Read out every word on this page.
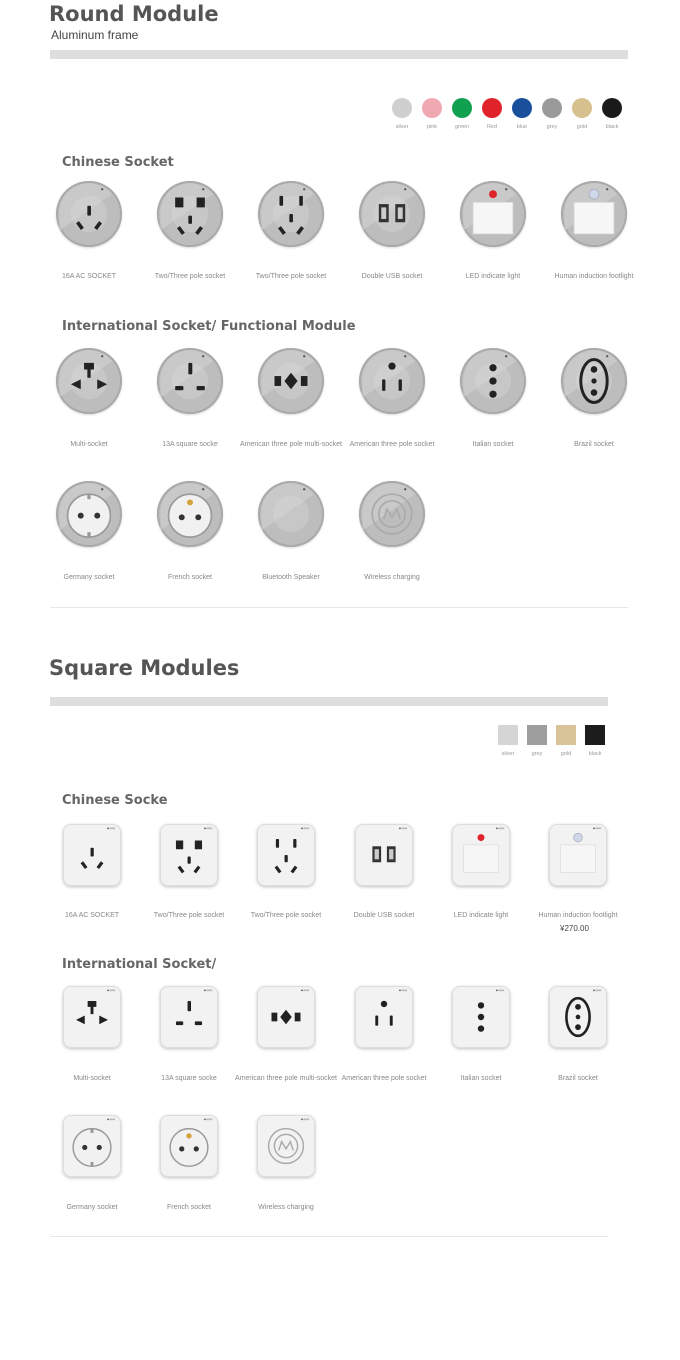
Round Module
Aluminum frame
silver	pink	green	Red	blue	grey	gold	black
Chinese Socket
International Socket/ Functional Module
16A AC SOCKET	Two/Three pole socket	Two/Three pole socket	Double USB socket	LED indicate light	Human induction footlight
Multi-socket	13A square socke	American three pole multi-socket	American three pole socket	Italian socket	Brazil socket
Germany socket	French socket	Bluetooth Speaker	Wireless charging
Square Modules
silver	grey	gold	black
Chinese Socke
¥270.00
International Socket/
16A AC SOCKET	Two/Three pole socket	Two/Three pole socket	Double USB socket	LED indicate light	Human induction footlight
Multi-socket	13A square socke	American three pole multi-socket American three pole socket	Italian socket	Brazil socket
Germany socket	French socket	Wireless charging
